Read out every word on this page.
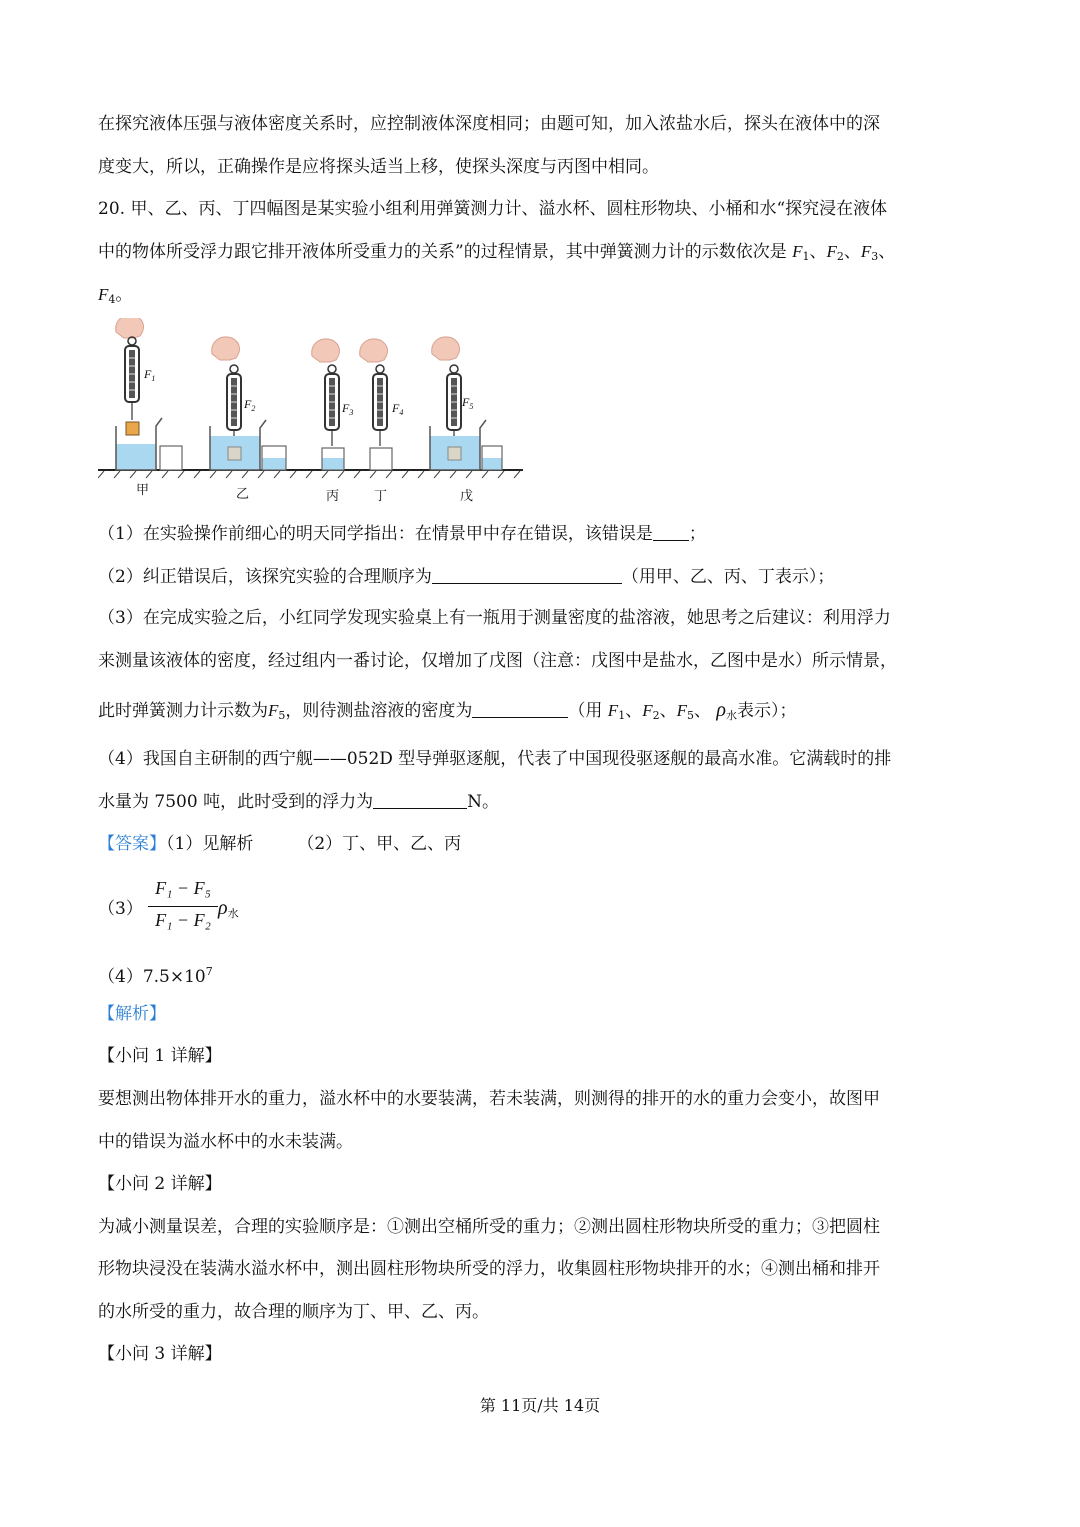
在探究液体压强与液体密度关系时，应控制液体深度相同；由题可知，加入浓盐水后，探头在液体中的深
度变大，所以，正确操作是应将探头适当上移，使探头深度与丙图中相同。
20. 甲、乙、丙、丁四幅图是某实验小组利用弹簧测力计、溢水杯、圆柱形物块、小桶和水“探究浸在液体
中的物体所受浮力跟它排开液体所受重力的关系”的过程情景，其中弹簧测力计的示数依次是 $F_1$、$F_2$、$F_3$、
$F_4$。
$F_1$
$F_2$	$F_3$	$F_4$
$F_5$
甲	乙	丙	丁	戊
（1）在实验操作前细心的明天同学指出：在情景甲中存在错误，该错误是 ；
（2）纠正错误后，该探究实验的合理顺序为	（用甲、乙、丙、丁表示）；
（3）在完成实验之后，小红同学发现实验桌上有一瓶用于测量密度的盐溶液，她思考之后建议：利用浮力
来测量该液体的密度，经过组内一番讨论，仅增加了戊图（注意：戊图中是盐水，乙图中是水）所示情景，
此时弹簧测力计示数为$F_5$，则待测盐溶液的密度为	（用 $F_1$、$F_2$、$F_5$、 $\rho_水$表示）；
（4）我国自主研制的西宁舰——052D 型导弹驱逐舰，代表了中国现役驱逐舰的最高水准。它满载时的排
水量为 7500 吨，此时受到的浮力为	N。
【答案】（1）见解析	（2）丁、甲、乙、丙
（3）
F₁ − F₅
F₁ − F₂
$\rho_水$
$(4)7.5\times 10^7$
【解析】
【小问 1 详解】
要想测出物体排开水的重力，溢水杯中的水要装满，若未装满，则测得的排开的水的重力会变小，故图甲
中的错误为溢水杯中的水未装满。
【小问 2 详解】
为减小测量误差，合理的实验顺序是：①测出空桶所受的重力；②测出圆柱形物块所受的重力；③把圆柱
形物块浸没在装满水溢水杯中，测出圆柱形物块所受的浮力，收集圆柱形物块排开的水；④测出桶和排开
的水所受的重力，故合理的顺序为丁、甲、乙、丙。
【小问 3 详解】
第 11页/共 14页
